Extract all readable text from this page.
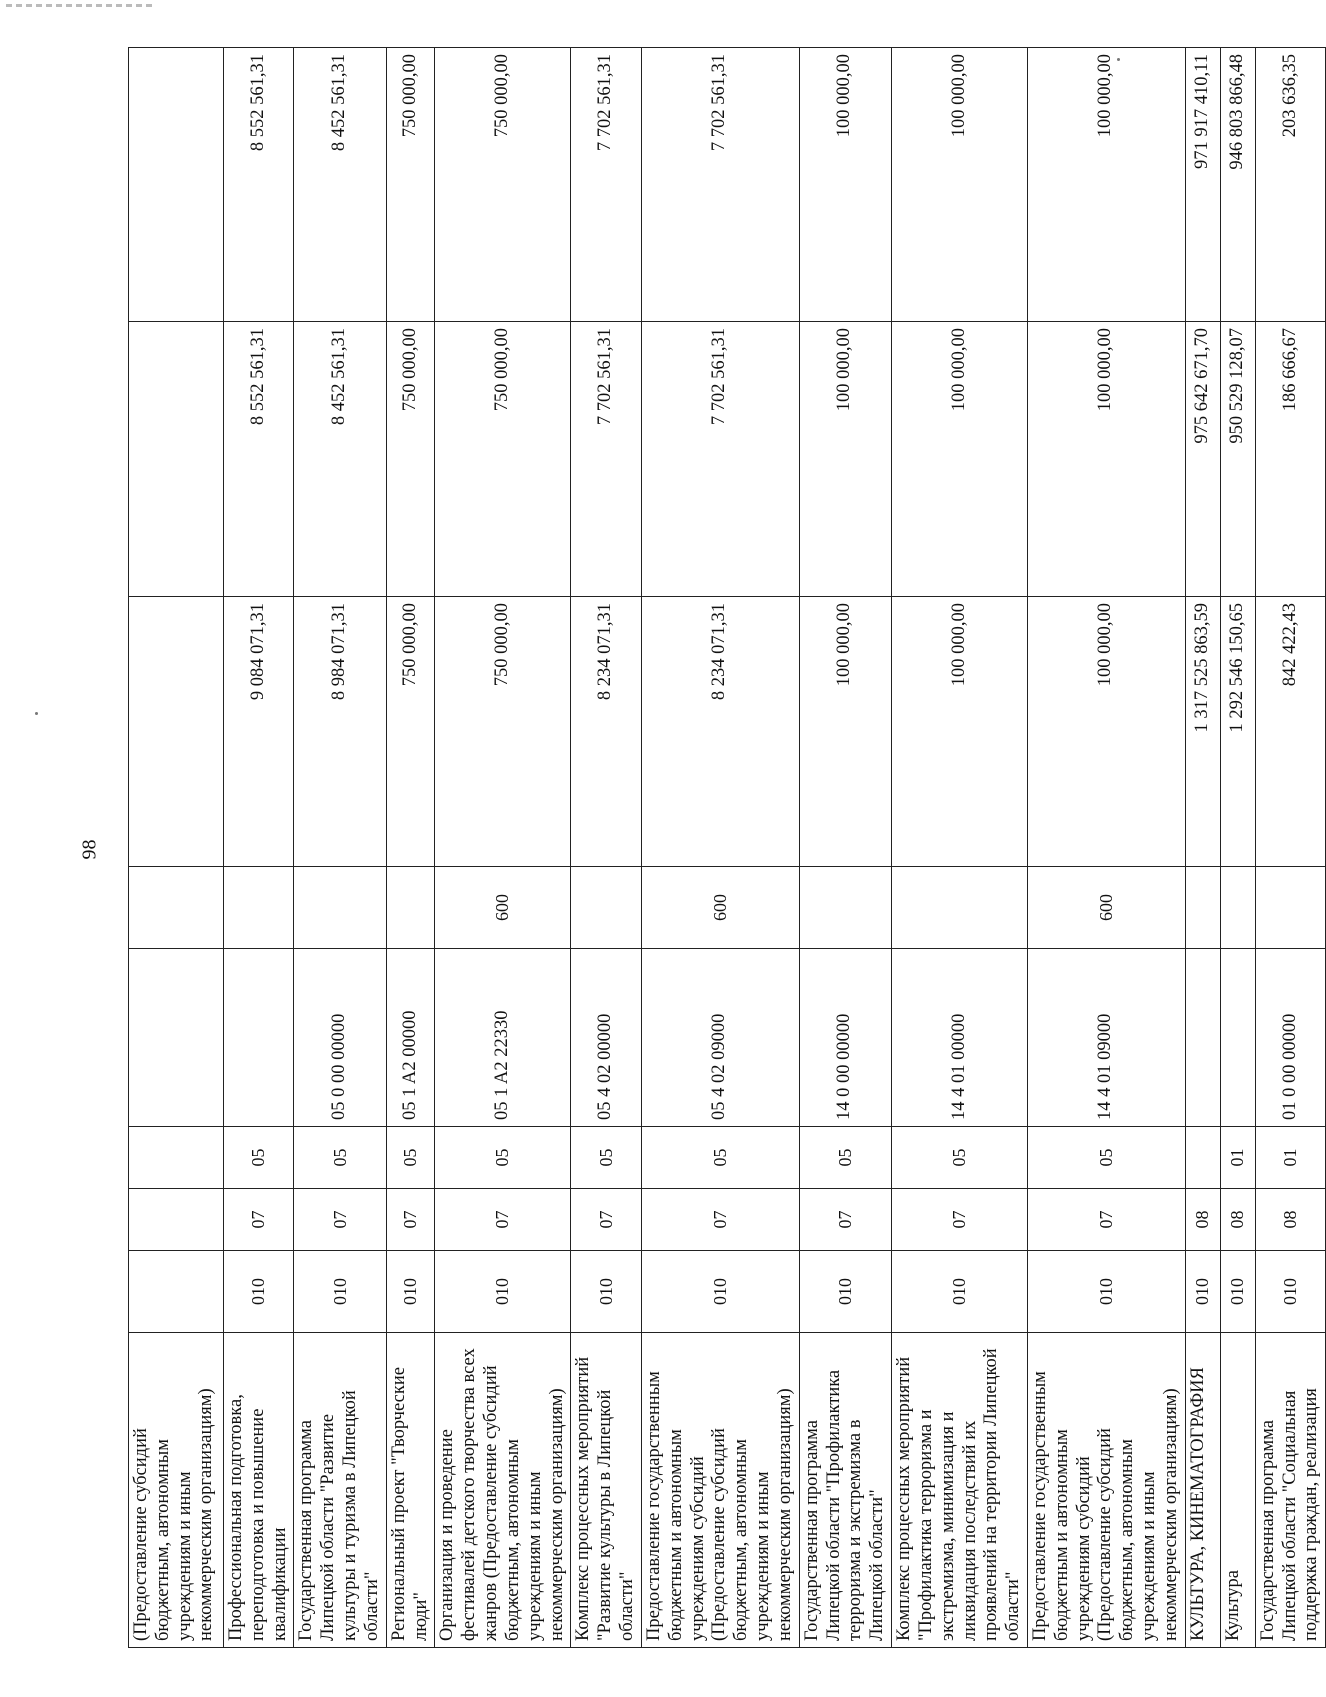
98
(Предоставление субсидий бюджетным, автономным учреждениям и иным некоммерческим организациям)								
Профессиональная подготовка, переподготовка и повышение квалификации	010	07	05			9 084 071,31	8 552 561,31	8 552 561,31
Государственная программа Липецкой области "Развитие культуры и туризма в Липецкой области"	010	07	05	05 0 00 00000		8 984 071,31	8 452 561,31	8 452 561,31
Региональный проект "Творческие люди"	010	07	05	05 1 A2 00000		750 000,00	750 000,00	750 000,00
Организация и проведение фестивалей детского творчества всех жанров (Предоставление субсидий бюджетным, автономным учреждениям и иным некоммерческим организациям)	010	07	05	05 1 A2 22330	600	750 000,00	750 000,00	750 000,00
Комплекс процессных мероприятий "Развитие культуры в Липецкой области"	010	07	05	05 4 02 00000		8 234 071,31	7 702 561,31	7 702 561,31
Предоставление государственным бюджетным и автономным учреждениям субсидий (Предоставление субсидий бюджетным, автономным учреждениям и иным некоммерческим организациям)	010	07	05	05 4 02 09000	600	8 234 071,31	7 702 561,31	7 702 561,31
Государственная программа Липецкой области "Профилактика терроризма и экстремизма в Липецкой области"	010	07	05	14 0 00 00000		100 000,00	100 000,00	100 000,00
Комплекс процессных мероприятий "Профилактика терроризма и экстремизма, минимизация и ликвидация последствий их проявлений на территории Липецкой области"	010	07	05	14 4 01 00000		100 000,00	100 000,00	100 000,00
Предоставление государственным бюджетным и автономным учреждениям субсидий (Предоставление субсидий бюджетным, автономным учреждениям и иным некоммерческим организациям)	010	07	05	14 4 01 09000	600	100 000,00	100 000,00	100 000,00
КУЛЬТУРА, КИНЕМАТОГРАФИЯ	010	08				1 317 525 863,59	975 642 671,70	971 917 410,11
Культура	010	08	01			1 292 546 150,65	950 529 128,07	946 803 866,48
Государственная программа Липецкой области "Социальная поддержка граждан, реализация	010	08	01	01 0 00 00000		842 422,43	186 666,67	203 636,35
